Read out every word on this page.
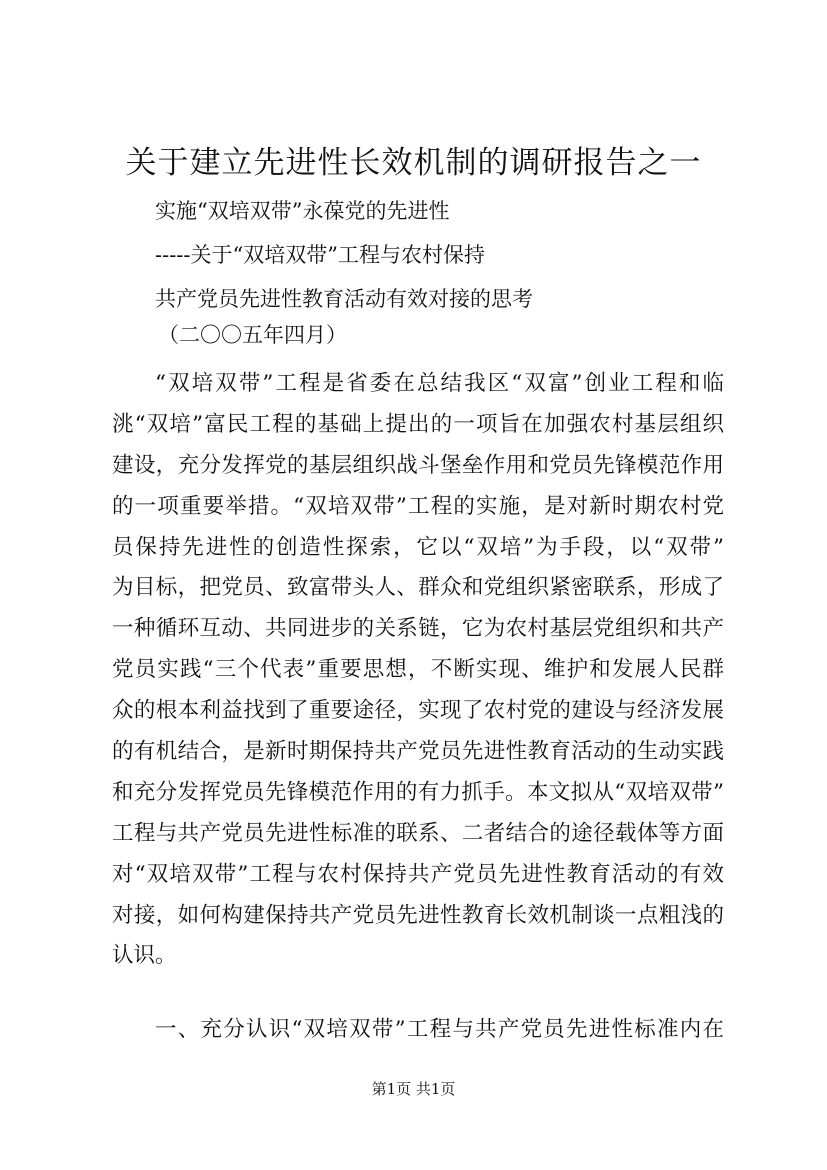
关于建立先进性长效机制的调研报告之一
实施“双培双带”永葆党的先进性
-----关于“双培双带”工程与农村保持
共产党员先进性教育活动有效对接的思考
（二〇〇五年四月）
“双培双带”工程是省委在总结我区“双富”创业工程和临
洮“双培”富民工程的基础上提出的一项旨在加强农村基层组织
建设，充分发挥党的基层组织战斗堡垒作用和党员先锋模范作用
的一项重要举措。“双培双带”工程的实施，是对新时期农村党
员保持先进性的创造性探索，它以“双培”为手段，以“双带”
为目标，把党员、致富带头人、群众和党组织紧密联系，形成了
一种循环互动、共同进步的关系链，它为农村基层党组织和共产
党员实践“三个代表”重要思想，不断实现、维护和发展人民群
众的根本利益找到了重要途径，实现了农村党的建设与经济发展
的有机结合，是新时期保持共产党员先进性教育活动的生动实践
和充分发挥党员先锋模范作用的有力抓手。本文拟从“双培双带”
工程与共产党员先进性标准的联系、二者结合的途径载体等方面
对“双培双带”工程与农村保持共产党员先进性教育活动的有效
对接，如何构建保持共产党员先进性教育长效机制谈一点粗浅的
认识。
一、充分认识“双培双带”工程与共产党员先进性标准内在
第1页 共1页
